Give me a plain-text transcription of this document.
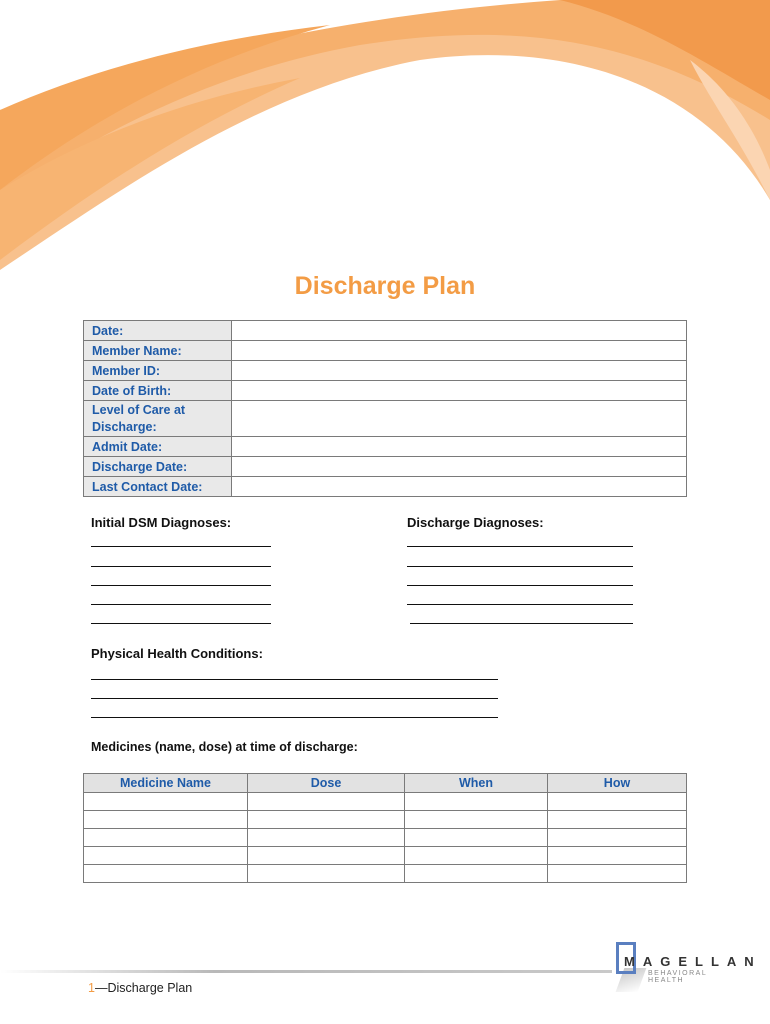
Discharge Plan
Date:	
Member Name:	
Member ID:	
Date of Birth:	
Level of Care at Discharge:	
Admit Date:	
Discharge Date:	
Last Contact Date:	
Initial DSM Diagnoses:	Discharge Diagnoses:
Physical Health Conditions:
Medicines (name, dose) at time of discharge:
Medicine Name	Dose	When	How

1—Discharge Plan
MAGELLAN
BEHAVIORAL HEALTH
